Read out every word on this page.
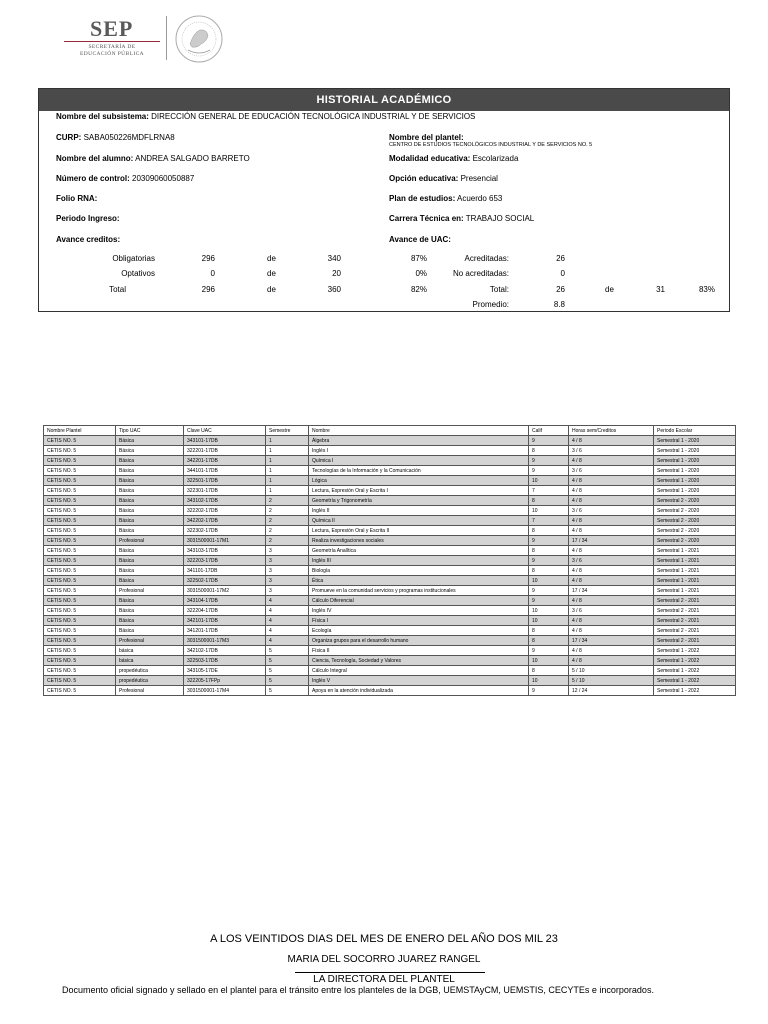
SEP
SECRETARÍA DE
EDUCACIÓN PÚBLICA
HISTORIAL ACADÉMICO
Nombre del subsistema: DIRECCIÓN GENERAL DE EDUCACIÓN TECNOLÓGICA INDUSTRIAL Y DE SERVICIOS
CURP: SABA050226MDFLRNA8	Nombre del plantel:
CENTRO DE ESTUDIOS TECNOLÓGICOS INDUSTRIAL Y DE SERVICIOS NO. 5
Nombre del alumno: ANDREA SALGADO BARRETO	Modalidad educativa: Escolarizada
Número de control: 20309060050887	Opción educativa: Presencial
Folio RNA:	Plan de estudios: Acuerdo 653
Periodo Ingreso:	Carrera Técnica en: TRABAJO SOCIAL
Avance creditos:	Avance de UAC:
Obligatorias	296	de	340	87%	Acreditadas:	26
Optativos	0	de	20	0%	No acreditadas:	0
Total	296	de	360	82%	Total:	26	de	31	83%
Promedio:	8.8
Nombre Plantel	Tipo UAC	Clave UAC	Semestre	Nombre	Calif	Horas sem/Creditos	Periodo Escolar
CETIS NO. 5	Básica	343101-17DB	1	Álgebra	9	4 / 8	Semestral 1 - 2020
CETIS NO. 5	Básica	322201-17DB	1	Inglés I	8	3 / 6	Semestral 1 - 2020
CETIS NO. 5	Básica	342201-17DB	1	Química I	9	4 / 8	Semestral 1 - 2020
CETIS NO. 5	Básica	344101-17DB	1	Tecnologías de la Información y la Comunicación	9	3 / 6	Semestral 1 - 2020
CETIS NO. 5	Básica	322501-17DB	1	Lógica	10	4 / 8	Semestral 1 - 2020
CETIS NO. 5	Básica	322301-17DB	1	Lectura, Expresión Oral y Escrita I	7	4 / 8	Semestral 1 - 2020
CETIS NO. 5	Básica	343102-17DB	2	Geometría y Trigonometría	8	4 / 8	Semestral 2 - 2020
CETIS NO. 5	Básica	322202-17DB	2	Inglés II	10	3 / 6	Semestral 2 - 2020
CETIS NO. 5	Básica	342202-17DB	2	Química II	7	4 / 8	Semestral 2 - 2020
CETIS NO. 5	Básica	322302-17DB	2	Lectura, Expresión Oral y Escrita II	8	4 / 8	Semestral 2 - 2020
CETIS NO. 5	Profesional	3031500001-17M1	2	Realiza investigaciones sociales	9	17 / 34	Semestral 2 - 2020
CETIS NO. 5	Básica	343103-17DB	3	Geometría Analítica	8	4 / 8	Semestral 1 - 2021
CETIS NO. 5	Básica	322203-17DB	3	Inglés III	9	3 / 6	Semestral 1 - 2021
CETIS NO. 5	Básica	341101-17DB	3	Biología	8	4 / 8	Semestral 1 - 2021
CETIS NO. 5	Básica	322502-17DB	3	Ética	10	4 / 8	Semestral 1 - 2021
CETIS NO. 5	Profesional	3031500001-17M2	3	Promueve en la comunidad servicios y programas institucionales	9	17 / 34	Semestral 1 - 2021
CETIS NO. 5	Básica	343104-17DB	4	Cálculo Diferencial	9	4 / 8	Semestral 2 - 2021
CETIS NO. 5	Básica	322204-17DB	4	Inglés IV	10	3 / 6	Semestral 2 - 2021
CETIS NO. 5	Básica	342101-17DB	4	Física I	10	4 / 8	Semestral 2 - 2021
CETIS NO. 5	Básica	341201-17DB	4	Ecología	8	4 / 8	Semestral 2 - 2021
CETIS NO. 5	Profesional	3031500001-17M3	4	Organiza grupos para el desarrollo humano	8	17 / 34	Semestral 2 - 2021
CETIS NO. 5	básica	342102-17DB	5	Física II	9	4 / 8	Semestral 1 - 2022
CETIS NO. 5	básica	322503-17DB	5	Ciencia, Tecnología, Sociedad y Valores	10	4 / 8	Semestral 1 - 2022
CETIS NO. 5	propedéutica	343105-17DE	5	Cálculo Integral	8	5 / 10	Semestral 1 - 2022
CETIS NO. 5	propedéutica	322205-17FPp	5	Inglés V	10	5 / 10	Semestral 1 - 2022
CETIS NO. 5	Profesional	3031500001-17M4	5	Apoya en la atención individualizada	9	12 / 24	Semestral 1 - 2022
A LOS VEINTIDOS DIAS DEL MES DE ENERO DEL AÑO DOS MIL 23
MARIA DEL SOCORRO JUAREZ RANGEL
LA DIRECTORA DEL PLANTEL
Documento oficial signado y sellado en el plantel para el tránsito entre los planteles de la DGB, UEMSTAyCM, UEMSTIS, CECYTEs e incorporados.
